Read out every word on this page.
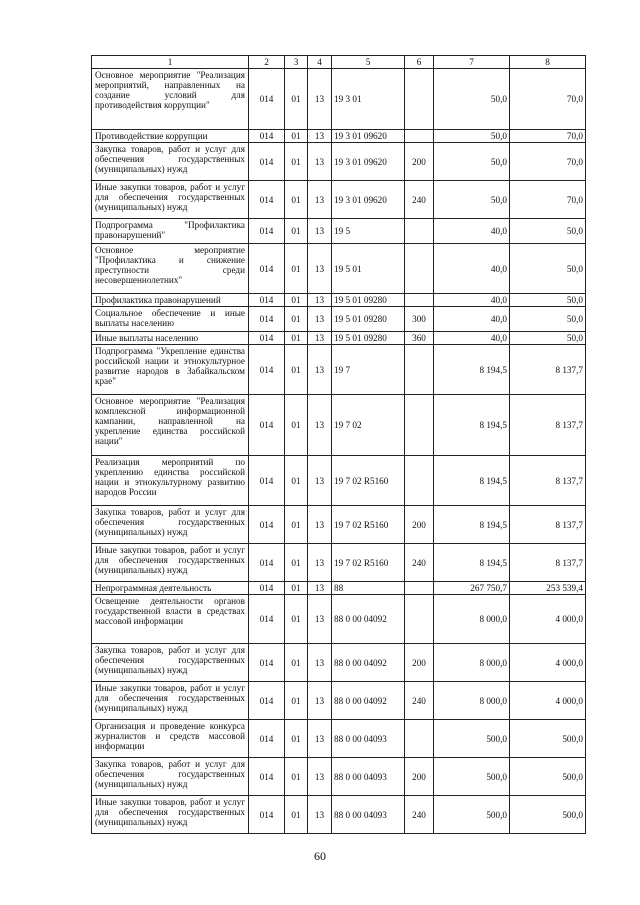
1	2	3	4	5	6	7	8
Основное мероприятие "Реализация мероприятий, направленных на создание условий для противодействия коррупции"	014	01	13	19 3 01		50,0	70,0
Противодействие коррупции	014	01	13	19 3 01 09620		50,0	70,0
Закупка товаров, работ и услуг для обеспечения государственных (муниципальных) нужд	014	01	13	19 3 01 09620	200	50,0	70,0
Иные закупки товаров, работ и услуг для обеспечения государственных (муниципальных) нужд	014	01	13	19 3 01 09620	240	50,0	70,0
Подпрограмма "Профилактика правонарушений"	014	01	13	19 5		40,0	50,0
Основное мероприятие "Профилактика и снижение преступности среди несовершеннолетних"	014	01	13	19 5 01		40,0	50,0
Профилактика правонарушений	014	01	13	19 5 01 09280		40,0	50,0
Социальное обеспечение и иные выплаты населению	014	01	13	19 5 01 09280	300	40,0	50,0
Иные выплаты населению	014	01	13	19 5 01 09280	360	40,0	50,0
Подпрограмма "Укрепление единства российской нации и этнокультурное развитие народов в Забайкальском крае"	014	01	13	19 7		8 194,5	8 137,7
Основное мероприятие "Реализация комплексной информационной кампании, направленной на укрепление единства российской нации"	014	01	13	19 7 02		8 194,5	8 137,7
Реализация мероприятий по укреплению единства российской нации и этнокультурному развитию народов России	014	01	13	19 7 02 R5160		8 194,5	8 137,7
Закупка товаров, работ и услуг для обеспечения государственных (муниципальных) нужд	014	01	13	19 7 02 R5160	200	8 194,5	8 137,7
Иные закупки товаров, работ и услуг для обеспечения государственных (муниципальных) нужд	014	01	13	19 7 02 R5160	240	8 194,5	8 137,7
Непрограммная деятельность	014	01	13	88		267 750,7	253 539,4
Освещение деятельности органов государственной власти в средствах массовой информации	014	01	13	88 0 00 04092		8 000,0	4 000,0
Закупка товаров, работ и услуг для обеспечения государственных (муниципальных) нужд	014	01	13	88 0 00 04092	200	8 000,0	4 000,0
Иные закупки товаров, работ и услуг для обеспечения государственных (муниципальных) нужд	014	01	13	88 0 00 04092	240	8 000,0	4 000,0
Организация и проведение конкурса журналистов и средств массовой информации	014	01	13	88 0 00 04093		500,0	500,0
Закупка товаров, работ и услуг для обеспечения государственных (муниципальных) нужд	014	01	13	88 0 00 04093	200	500,0	500,0
Иные закупки товаров, работ и услуг для обеспечения государственных (муниципальных) нужд	014	01	13	88 0 00 04093	240	500,0	500,0
60
